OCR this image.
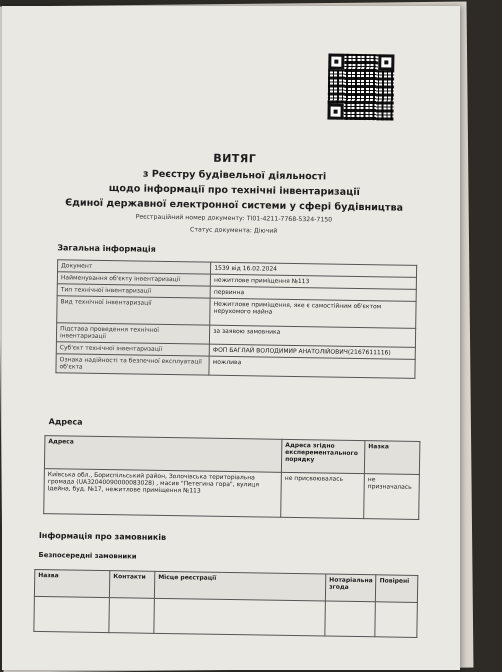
ВИТЯГ
з Реєстру будівельної діяльності
щодо інформації про технічні інвентаризації
Єдиної державної електронної системи у сфері будівництва
Реєстраційний номер документу: TI01-4211-7768-5324-7150
Статус документа: Діючий
Загальна інформація
Документ	1539 від 16.02.2024
Найменування об'єкту інвентаризації	нежитлове приміщення №113
Тип технічної інвентаризації	первинна
Вид технічної інвентаризації	Нежитлове приміщення, яке є самостійним об'єктом нерухомого майна
Підстава проведення технічної інвентаризації	за заявою замовника
Суб'єкт технічної інвентаризації	ФОП БАГЛАЙ ВОЛОДИМИР АНАТОЛІЙОВИЧ(2167611116)
Ознака надійності та безпечної експлуатації об'єкта	можлива
Адреса
Адреса	Адреса згідно експерементального порядку	Назка
Київська обл., Бориспільський район, Золочівська територіальна громада (UA32040090000083028) , масив "Петегина гора", вулиця Ідейна, буд. №17, нежитлове приміщення №113	не присвоювалась	не призначалась
Інформація про замовників
Безпосередні замовники
Назва	Контакти	Місце реєстрації	Нотаріальна згода	Повірені
